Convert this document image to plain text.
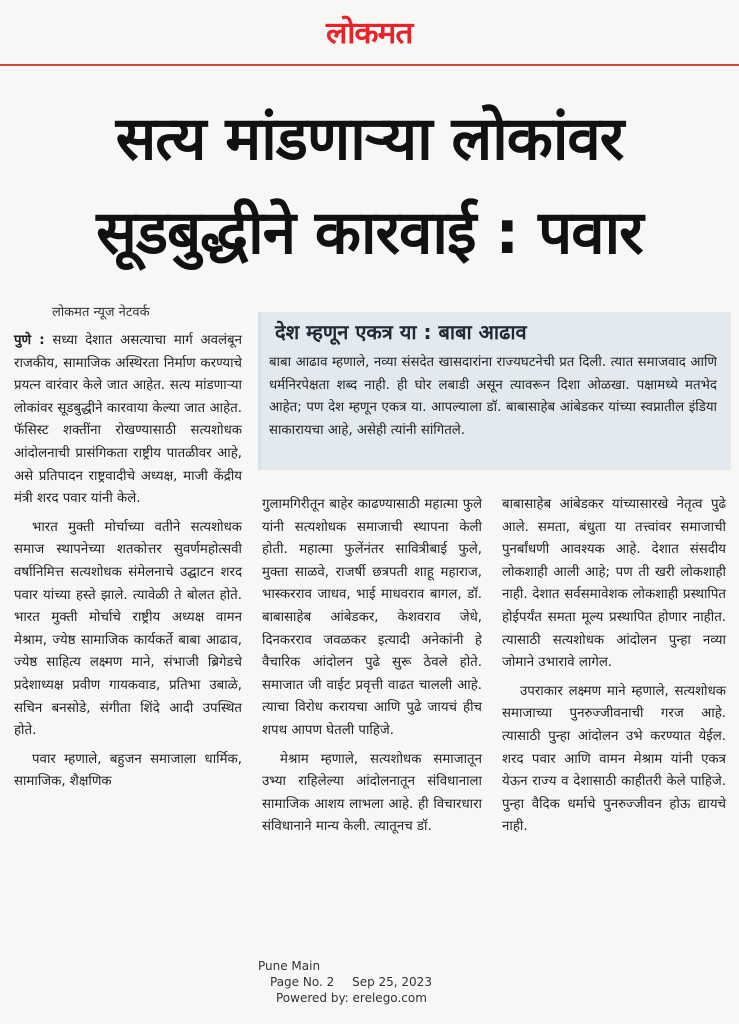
लोकमत
सत्य मांडणाऱ्या लोकांवर
सूडबुद्धीने कारवाई : पवार
लोकमत न्यूज नेटवर्क

पुणे : सध्या देशात असत्याचा मार्ग अवलंबून राजकीय, सामाजिक अस्थिरता निर्माण करण्याचे प्रयत्न वारंवार केले जात आहेत. सत्य मांडणाऱ्या लोकांवर सूडबुद्धीने कारवाया केल्या जात आहेत. फॅसिस्ट शक्तींना रोखण्यासाठी सत्यशोधक आंदोलनाची प्रासंगिकता राष्ट्रीय पातळीवर आहे, असे प्रतिपादन राष्ट्रवादीचे अध्यक्ष, माजी केंद्रीय मंत्री शरद पवार यांनी केले.

भारत मुक्ती मोर्चाच्या वतीने सत्यशोधक समाज स्थापनेच्या शतकोत्तर सुवर्णमहोत्सवी वर्षानिमित्त सत्यशोधक संमेलनाचे उद्घाटन शरद पवार यांच्या हस्ते झाले. त्यावेळी ते बोलत होते. भारत मुक्ती मोर्चाचे राष्ट्रीय अध्यक्ष वामन मेश्राम, ज्येष्ठ सामाजिक कार्यकर्ते बाबा आढाव, ज्येष्ठ साहित्य लक्ष्मण माने, संभाजी ब्रिगेडचे प्रदेशाध्यक्ष प्रवीण गायकवाड, प्रतिभा उबाळे, सचिन बनसोडे, संगीता शिंदे आदी उपस्थित होते.

पवार म्हणाले, बहुजन समाजाला धार्मिक, सामाजिक, शैक्षणिक

देश म्हणून एकत्र या : बाबा आढाव
बाबा आढाव म्हणाले, नव्या संसदेत खासदारांना राज्यघटनेची प्रत दिली. त्यात समाजवाद आणि धर्मनिरपेक्षता शब्द नाही. ही घोर लबाडी असून त्यावरून दिशा ओळखा. पक्षामध्ये मतभेद आहेत; पण देश म्हणून एकत्र या. आपल्याला डॉ. बाबासाहेब आंबेडकर यांच्या स्वप्नातील इंडिया साकारायचा आहे, असेही त्यांनी सांगितले.

गुलामगिरीतून बाहेर काढण्यासाठी महात्मा फुले यांनी सत्यशोधक समाजाची स्थापना केली होती. महात्मा फुलेंनंतर सावित्रीबाई फुले, मुक्ता साळवे, राजर्षी छत्रपती शाहू महाराज, भास्करराव जाधव, भाई माधवराव बागल, डॉ. बाबासाहेब आंबेडकर, केशवराव जेधे, दिनकरराव जवळकर इत्यादी अनेकांनी हे वैचारिक आंदोलन पुढे सुरू ठेवले होते. समाजात जी वाईट प्रवृत्ती वाढत चालली आहे. त्याचा विरोध करायचा आणि पुढे जायचं हीच शपथ आपण घेतली पाहिजे.

मेश्राम म्हणाले, सत्यशोधक समाजातून उभ्या राहिलेल्या आंदोलनातून संविधानाला सामाजिक आशय लाभला आहे. ही विचारधारा संविधानाने मान्य केली. त्यातूनच डॉ.

बाबासाहेब आंबेडकर यांच्यासारखे नेतृत्व पुढे आले. समता, बंधुता या तत्त्वांवर समाजाची पुनर्बांधणी आवश्यक आहे. देशात संसदीय लोकशाही आली आहे; पण ती खरी लोकशाही नाही. देशात सर्वसमावेशक लोकशाही प्रस्थापित होईपर्यंत समता मूल्य प्रस्थापित होणार नाहीत. त्यासाठी सत्यशोधक आंदोलन पुन्हा नव्या जोमाने उभारावे लागेल.

उपराकार लक्ष्मण माने म्हणाले, सत्यशोधक समाजाच्या पुनरुज्जीवनाची गरज आहे. त्यासाठी पुन्हा आंदोलन उभे करण्यात येईल. शरद पवार आणि वामन मेश्राम यांनी एकत्र येऊन राज्य व देशासाठी काहीतरी केले पाहिजे. पुन्हा वैदिक धर्माचे पुनरुज्जीवन होऊ द्यायचे नाही.

Pune Main
Page No. 2 Sep 25, 2023
Powered by: erelego.com
